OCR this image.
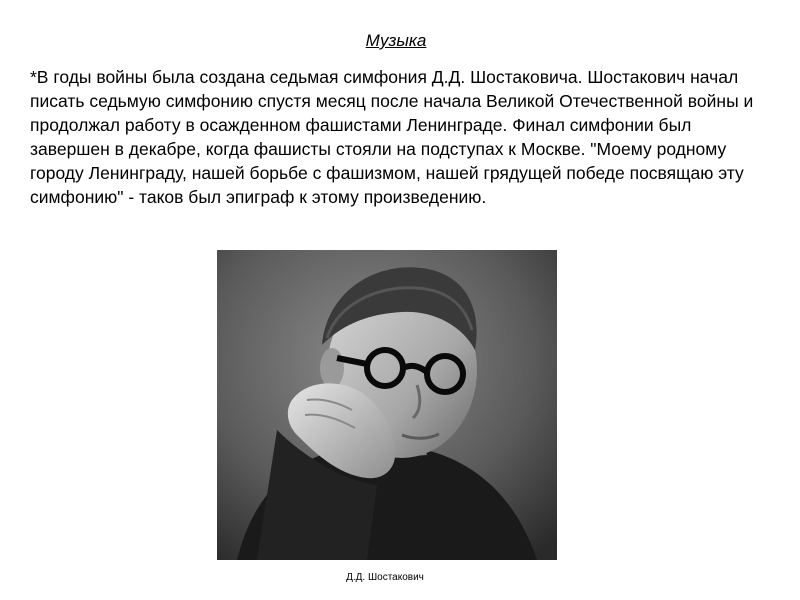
Музыка
*В годы войны была создана седьмая симфония Д.Д. Шостаковича. Шостакович начал писать седьмую симфонию спустя месяц после начала Великой Отечественной войны и продолжал работу в осажденном фашистами Ленинграде. Финал симфонии был завершен в декабре, когда фашисты стояли на подступах к Москве. "Моему родному городу Ленинграду, нашей борьбе с фашизмом, нашей грядущей победе посвящаю эту симфонию" - таков был эпиграф к этому произведению.
Д.Д. Шостакович
